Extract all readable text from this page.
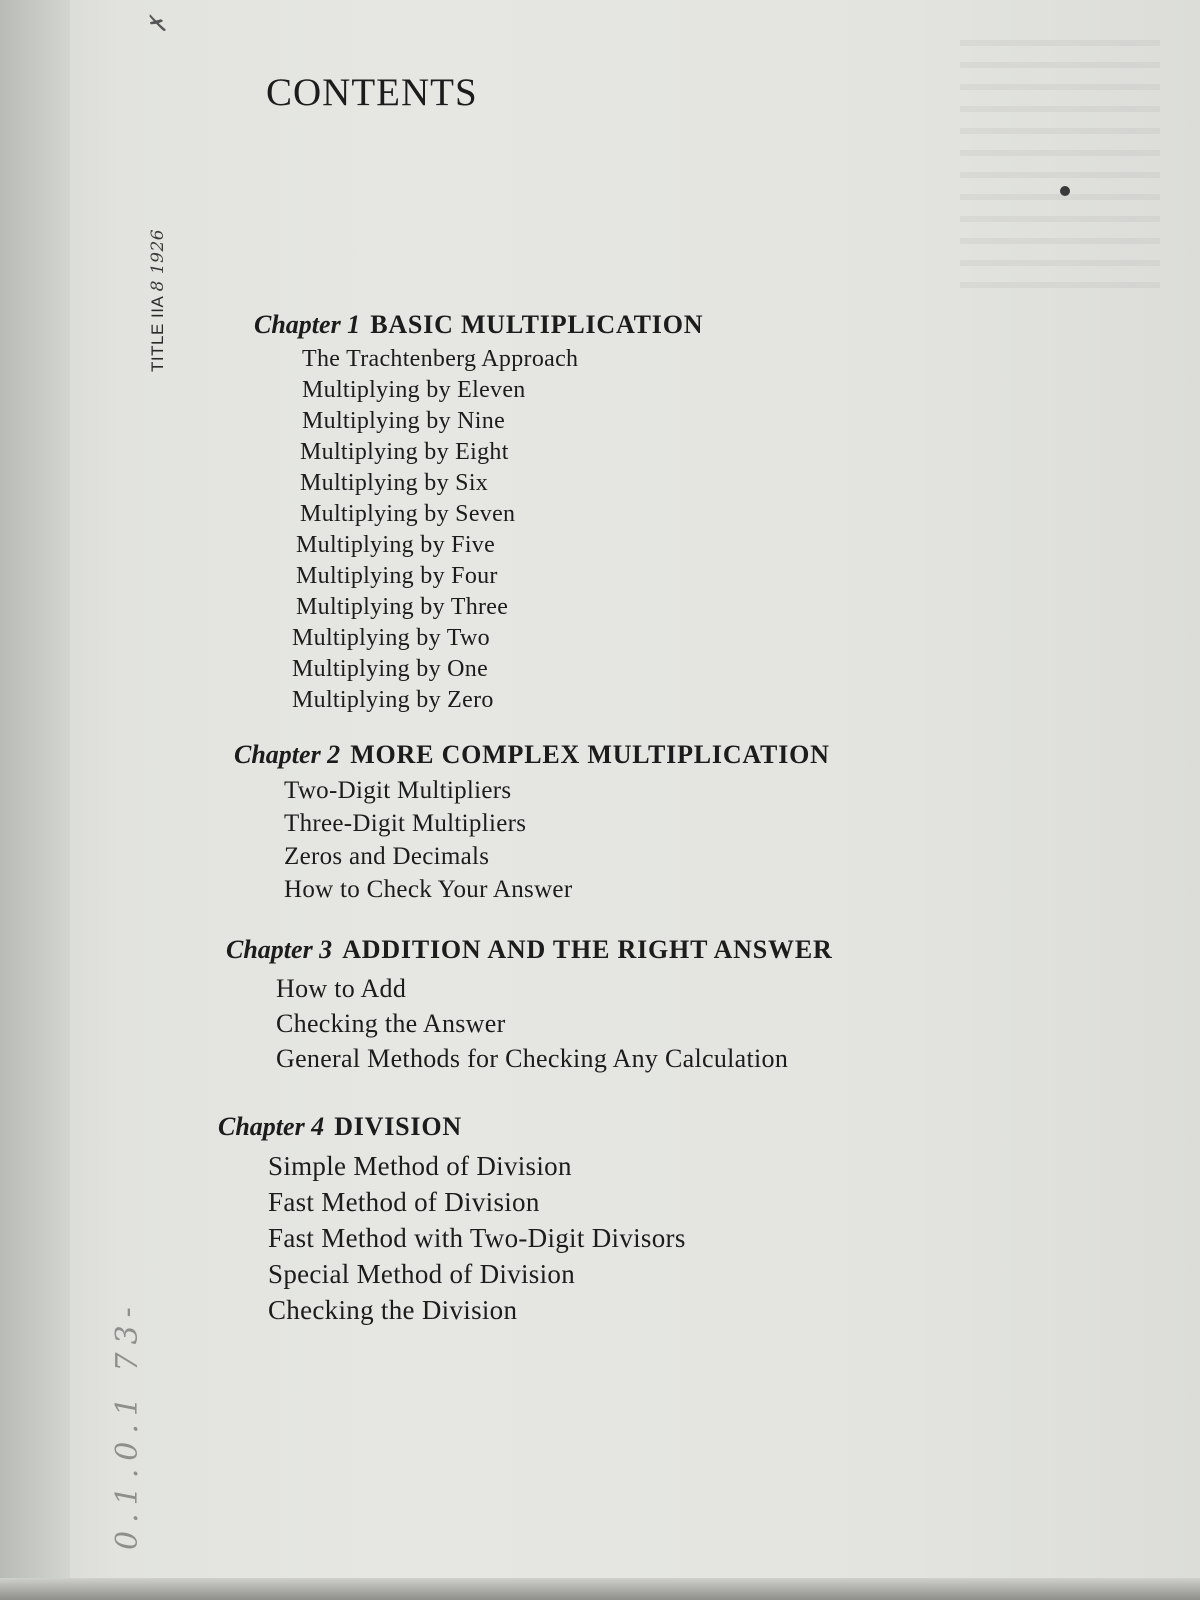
TITLE IIA 8 1926
✗
0.1.0.1 73-
CONTENTS
Chapter 1 BASIC MULTIPLICATION
The Trachtenberg Approach
Multiplying by Eleven
Multiplying by Nine
Multiplying by Eight
Multiplying by Six
Multiplying by Seven
Multiplying by Five
Multiplying by Four
Multiplying by Three
Multiplying by Two
Multiplying by One
Multiplying by Zero
Chapter 2 MORE COMPLEX MULTIPLICATION
Two-Digit Multipliers
Three-Digit Multipliers
Zeros and Decimals
How to Check Your Answer
Chapter 3 ADDITION AND THE RIGHT ANSWER
How to Add
Checking the Answer
General Methods for Checking Any Calculation
Chapter 4 DIVISION
Simple Method of Division
Fast Method of Division
Fast Method with Two-Digit Divisors
Special Method of Division
Checking the Division
